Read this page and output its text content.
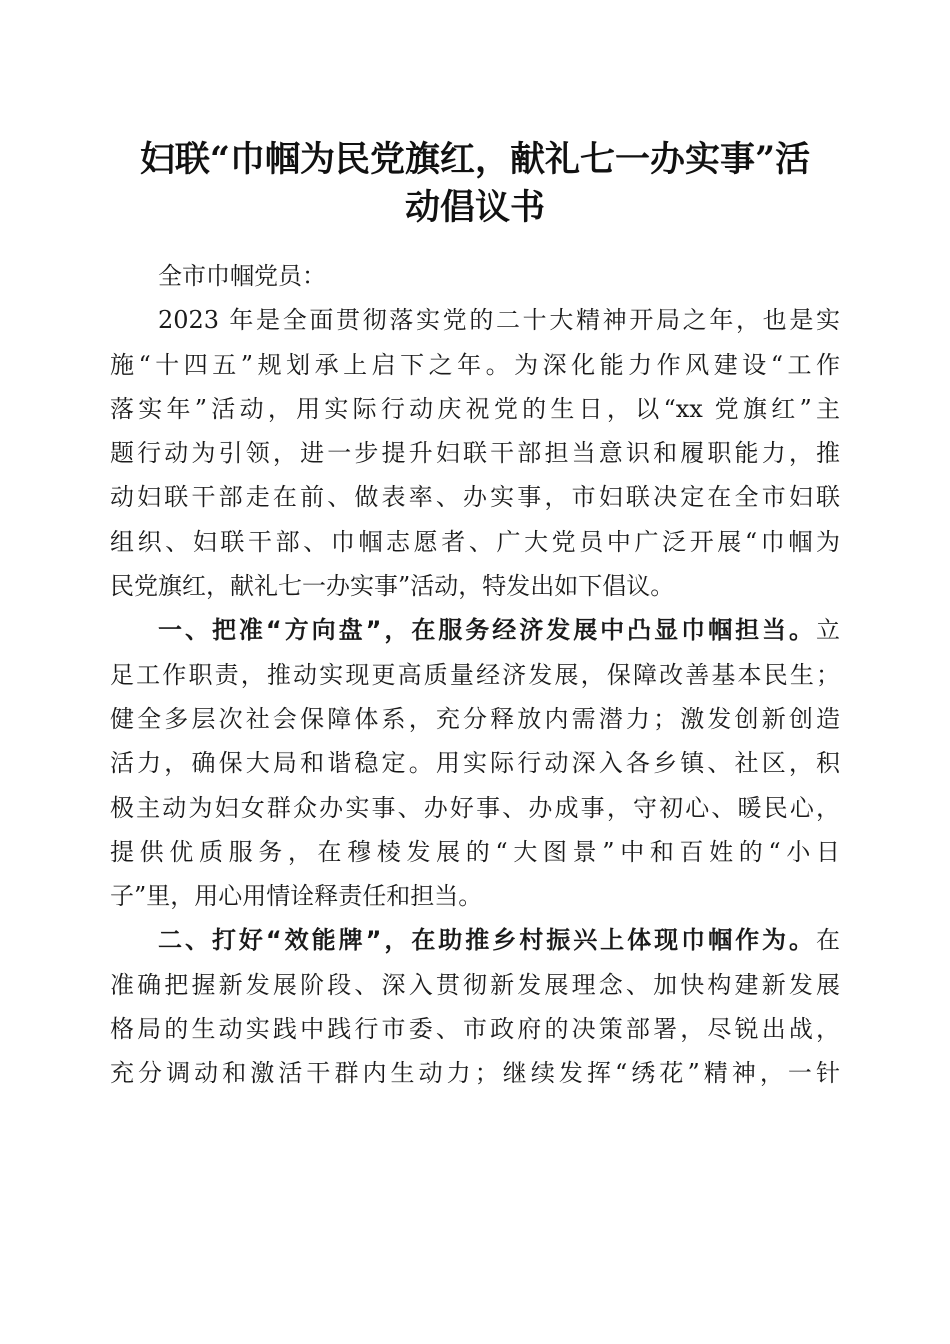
妇联“巾帼为民党旗红，献礼七一办实事”活
动倡议书
全市巾帼党员：
2023 年是全面贯彻落实党的二十大精神开局之年，也是实
施“十四五”规划承上启下之年。为深化能力作风建设“工作
落实年”活动，用实际行动庆祝党的生日，以“xx 党旗红”主
题行动为引领，进一步提升妇联干部担当意识和履职能力，推
动妇联干部走在前、做表率、办实事，市妇联决定在全市妇联
组织、妇联干部、巾帼志愿者、广大党员中广泛开展“巾帼为
民党旗红，献礼七一办实事”活动，特发出如下倡议。
一、把准“方向盘”，在服务经济发展中凸显巾帼担当。立
足工作职责，推动实现更高质量经济发展，保障改善基本民生；
健全多层次社会保障体系，充分释放内需潜力；激发创新创造
活力，确保大局和谐稳定。用实际行动深入各乡镇、社区，积
极主动为妇女群众办实事、办好事、办成事，守初心、暖民心，
提供优质服务，在穆棱发展的“大图景”中和百姓的“小日
子”里，用心用情诠释责任和担当。
二、打好“效能牌”，在助推乡村振兴上体现巾帼作为。在
准确把握新发展阶段、深入贯彻新发展理念、加快构建新发展
格局的生动实践中践行市委、市政府的决策部署，尽锐出战，
充分调动和激活干群内生动力；继续发挥“绣花”精神，一针
